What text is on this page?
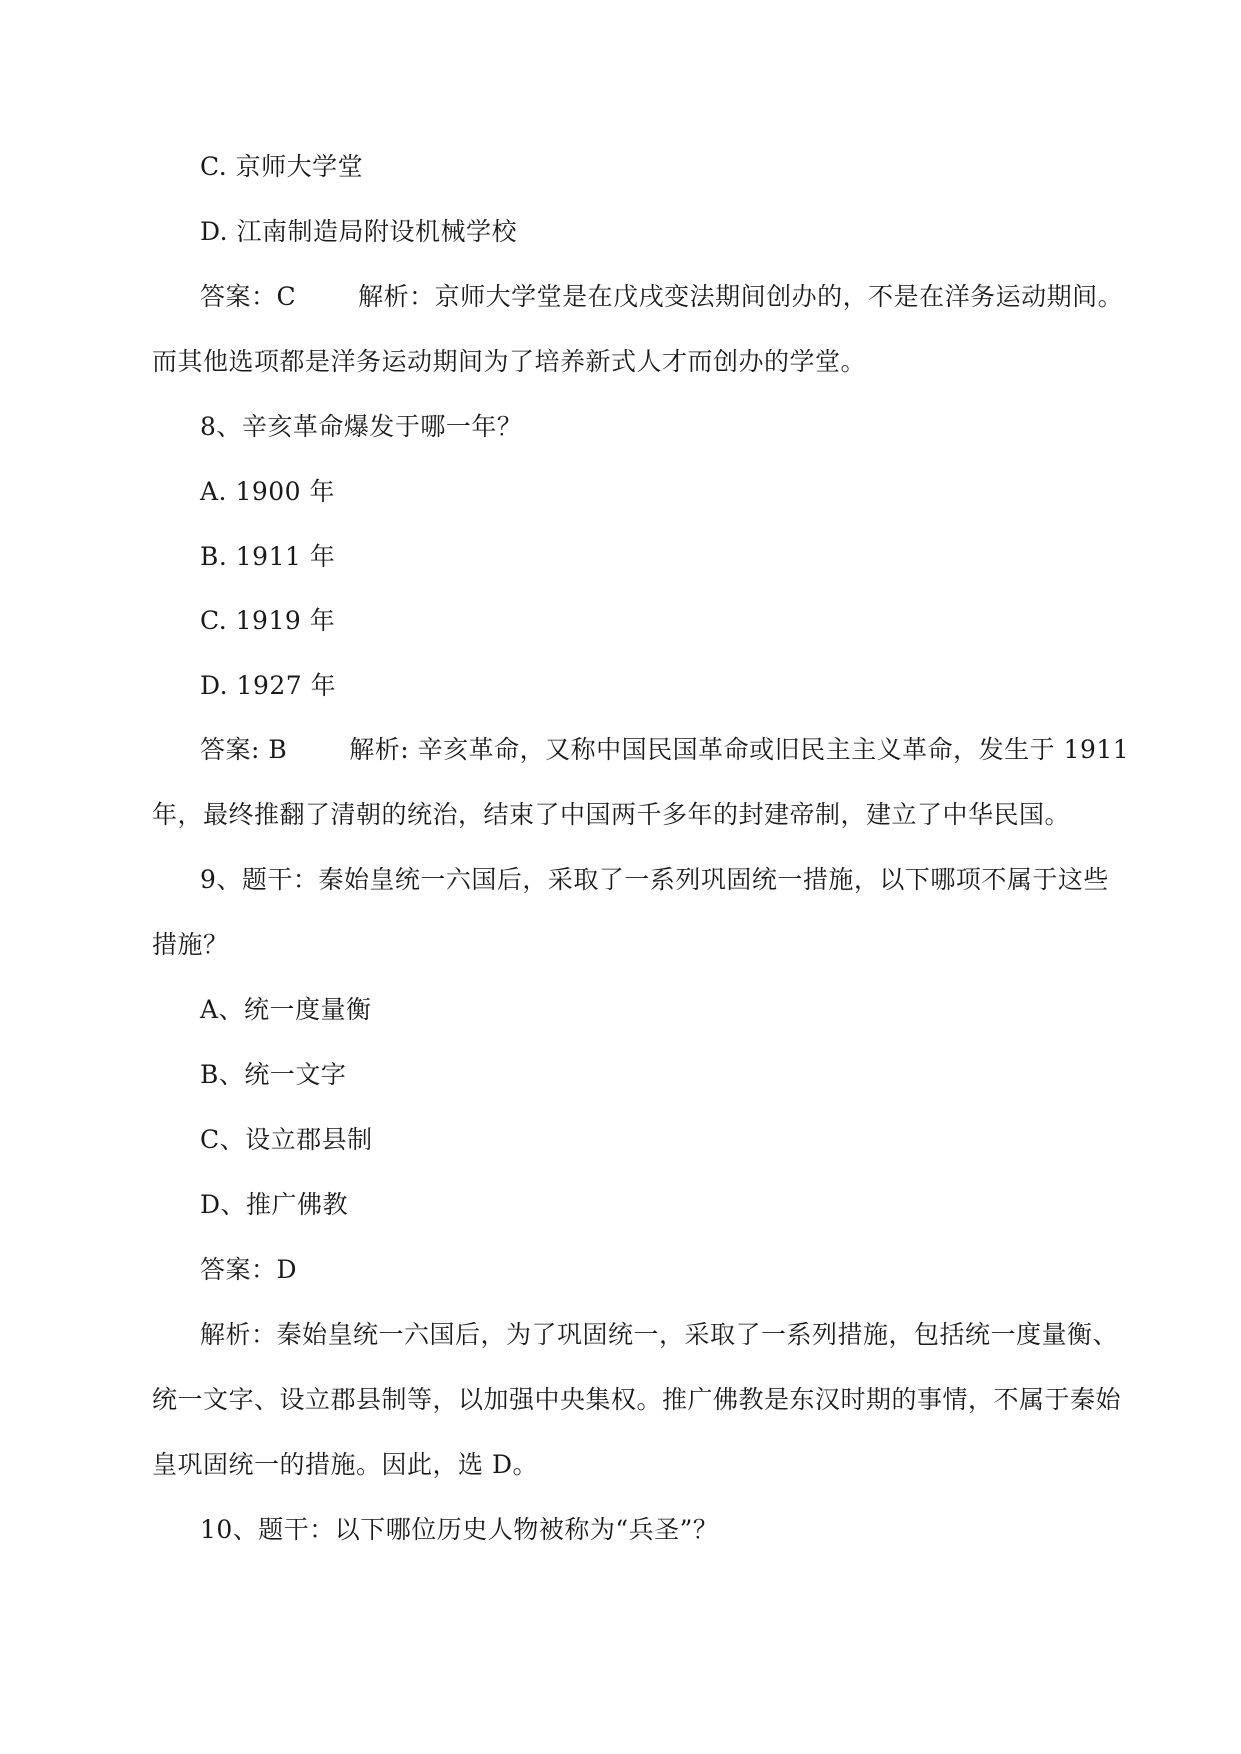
C. 京师大学堂
D. 江南制造局附设机械学校
答案：C 解析：京师大学堂是在戊戌变法期间创办的，不是在洋务运动期间。
而其他选项都是洋务运动期间为了培养新式人才而创办的学堂。
8、辛亥革命爆发于哪一年？
A. 1900 年
B. 1911 年
C. 1919 年
D. 1927 年
答案: B 解析: 辛亥革命，又称中国民国革命或旧民主主义革命，发生于 1911
年，最终推翻了清朝的统治，结束了中国两千多年的封建帝制，建立了中华民国。
9、题干：秦始皇统一六国后，采取了一系列巩固统一措施，以下哪项不属于这些
措施？
A、统一度量衡
B、统一文字
C、设立郡县制
D、推广佛教
答案：D
解析：秦始皇统一六国后，为了巩固统一，采取了一系列措施，包括统一度量衡、
统一文字、设立郡县制等，以加强中央集权。推广佛教是东汉时期的事情，不属于秦始
皇巩固统一的措施。因此，选 D。
10、题干：以下哪位历史人物被称为“兵圣”？
